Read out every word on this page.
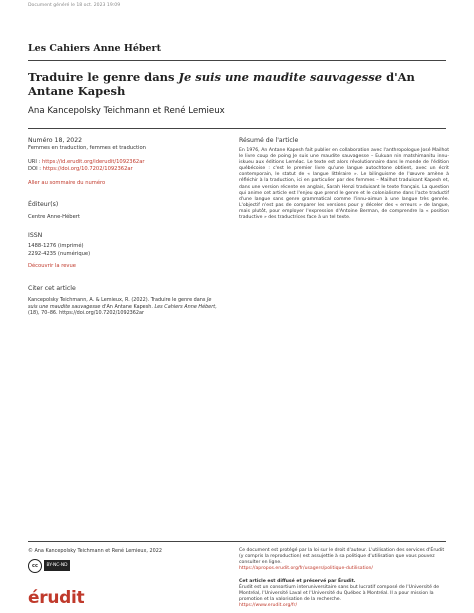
Document généré le 18 oct. 2023 19:09
Les Cahiers Anne Hébert
Traduire le genre dans Je suis une maudite sauvagesse d'An Antane Kapesh
Ana Kancepolsky Teichmann et René Lemieux
Numéro 18, 2022
Femmes en traduction, femmes et traduction
URI : https://id.erudit.org/iderudit/1092362ar
DOI : https://doi.org/10.7202/1092362ar
Aller au sommaire du numéro
Éditeur(s)
Centre Anne-Hébert
ISSN
1488-1276 (imprimé)
2292-4235 (numérique)
Découvrir la revue
Citer cet article
Kancepolsky Teichmann, A. & Lemieux, R. (2022). Traduire le genre dans Je suis une maudite sauvagesse d'An Antane Kapesh. Les Cahiers Anne Hébert, (18), 70–86. https://doi.org/10.7202/1092362ar
Résumé de l'article
En 1976, An Antane Kapesh fait publier en collaboration avec l'anthropologue José Mailhot le livre coup de poing Je suis une maudite sauvagesse – Eukuan nin matshimanitu innu-iskueu aux éditions Leméac. Le texte est alors révolutionnaire dans le monde de l'édition québécoise : c'est le premier livre qu'une langue autochtone obtient, avec un écrit contemporain, le statut de « langue littéraire ». Le bilinguisme de l'œuvre amène à réfléchir à la traduction, ici en particulier par des femmes – Mailhot traduisant Kapesh et, dans une version récente en anglais, Sarah Henzi traduisant le texte français. La question qui anime cet article est l'enjeu que prend le genre et le colonialisme dans l'acte traductif d'une langue sans genre grammatical comme l'innu-aimun à une langue très genrée. L'objectif n'est pas de comparer les versions pour y déceler des « erreurs » de langue, mais plutôt, pour employer l'expression d'Antoine Berman, de comprendre la « position traductive » des traductrices face à un tel texte.
© Ana Kancepolsky Teichmann et René Lemieux, 2022
cc	BY-NC-ND
érudit
Ce document est protégé par la loi sur le droit d'auteur. L'utilisation des services d'Érudit (y compris la reproduction) est assujettie à sa politique d'utilisation que vous pouvez consulter en ligne.
https://apropos.erudit.org/fr/usagers/politique-dutilisation/
Cet article est diffusé et préservé par Érudit.
Érudit est un consortium interuniversitaire sans but lucratif composé de l'Université de Montréal, l'Université Laval et l'Université du Québec à Montréal. Il a pour mission la promotion et la valorisation de la recherche.
https://www.erudit.org/fr/
